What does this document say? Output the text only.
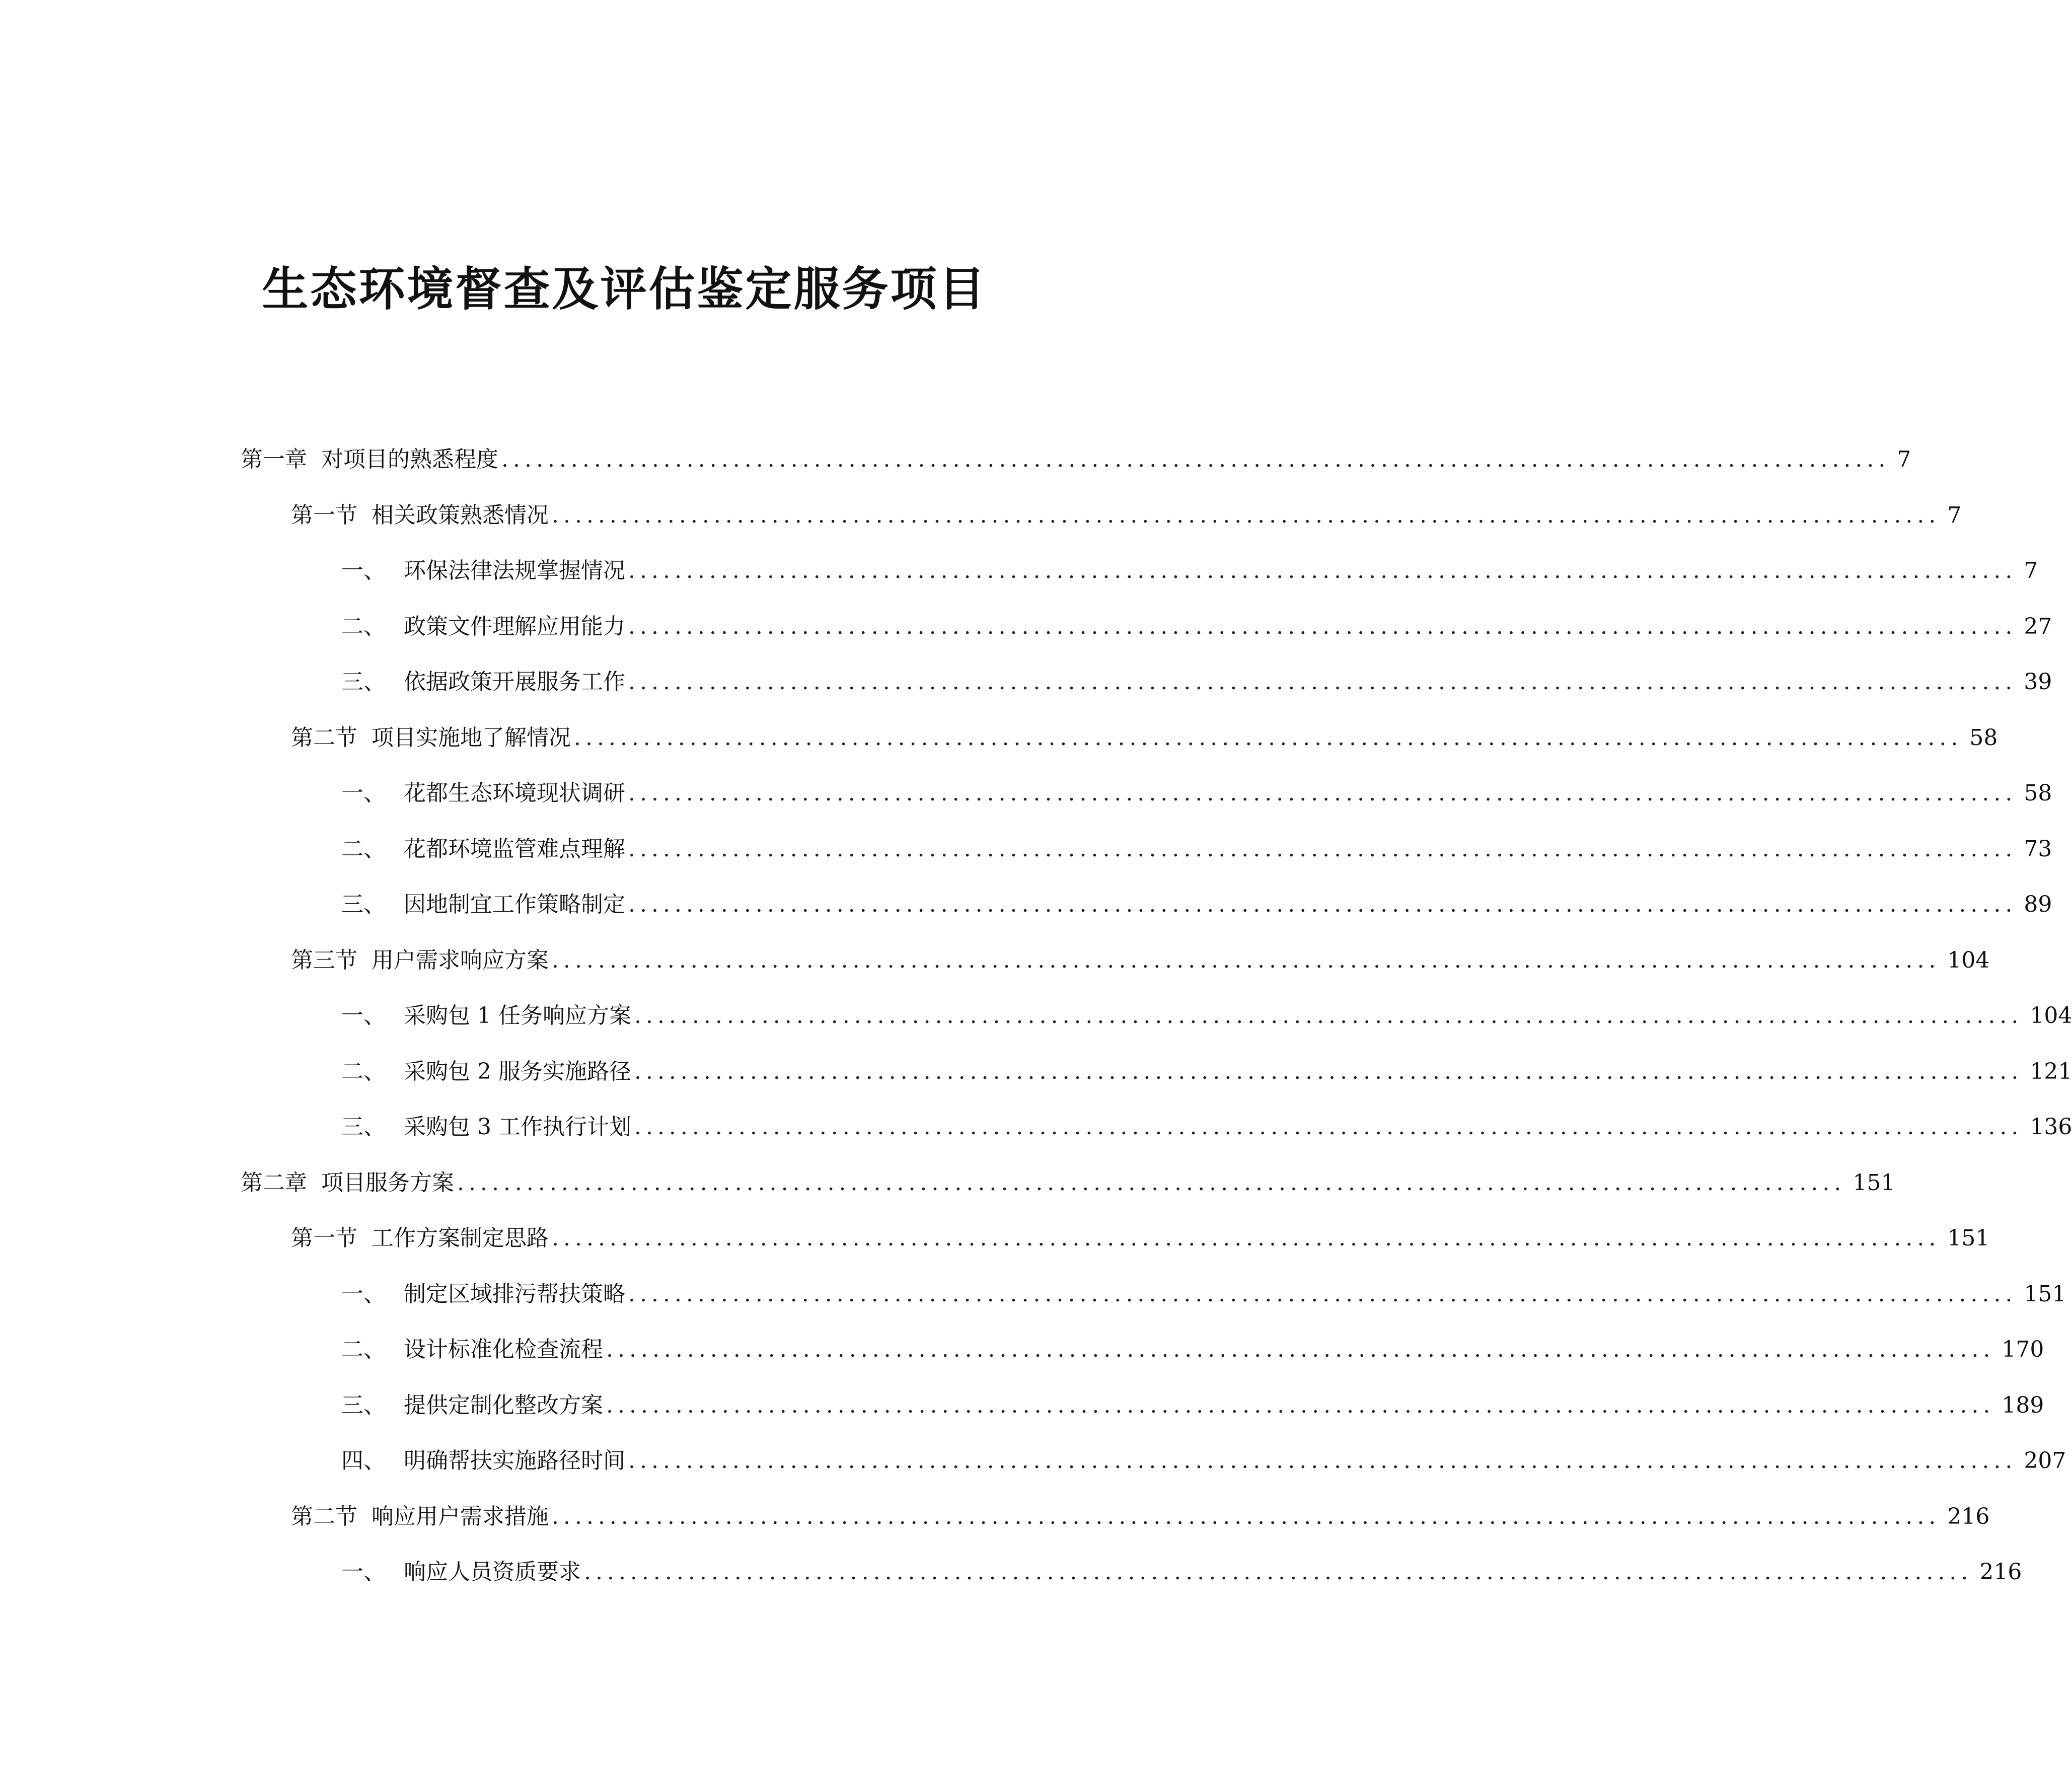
生态环境督查及评估鉴定服务项目
第一章 对项目的熟悉程度 ........................................................................................................................ 7
第一节 相关政策熟悉情况 ........................................................................................................................ 7
一、 环保法律法规掌握情况 ........................................................................................................................ 7
二、 政策文件理解应用能力 ........................................................................................................................ 27
三、 依据政策开展服务工作 ........................................................................................................................ 39
第二节 项目实施地了解情况 ........................................................................................................................ 58
一、 花都生态环境现状调研 ........................................................................................................................ 58
二、 花都环境监管难点理解 ........................................................................................................................ 73
三、 因地制宜工作策略制定 ........................................................................................................................ 89
第三节 用户需求响应方案 ........................................................................................................................ 104
一、 采购包 1 任务响应方案 ........................................................................................................................ 104
二、 采购包 2 服务实施路径 ........................................................................................................................ 121
三、 采购包 3 工作执行计划 ........................................................................................................................ 136
第二章 项目服务方案 ........................................................................................................................ 151
第一节 工作方案制定思路 ........................................................................................................................ 151
一、 制定区域排污帮扶策略 ........................................................................................................................ 151
二、 设计标准化检查流程 ........................................................................................................................ 170
三、 提供定制化整改方案 ........................................................................................................................ 189
四、 明确帮扶实施路径时间 ........................................................................................................................ 207
第二节 响应用户需求措施 ........................................................................................................................ 216
一、 响应人员资质要求 ........................................................................................................................ 216
